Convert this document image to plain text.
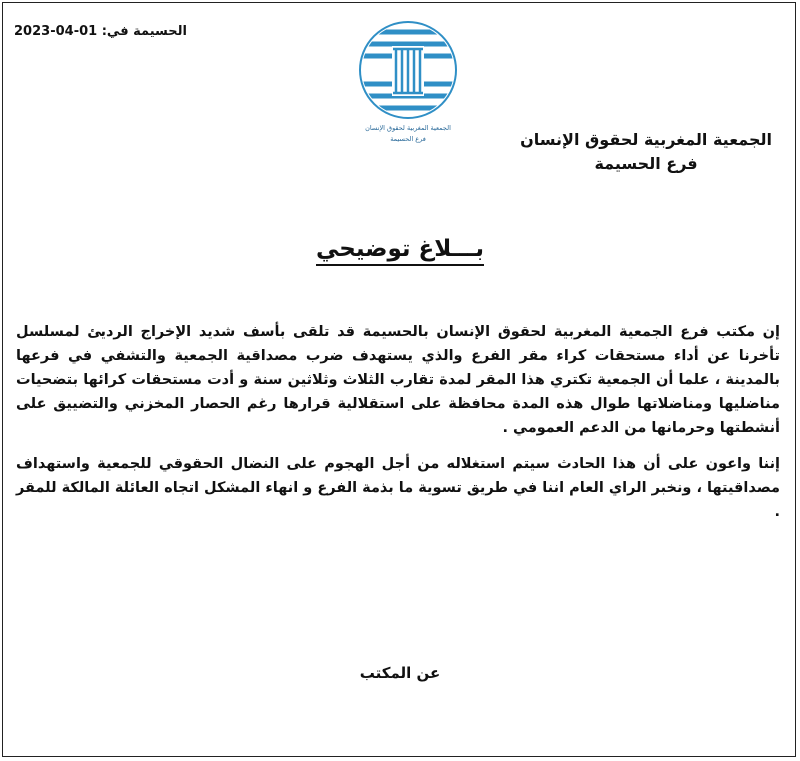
الحسيمة في: 01-04-2023
الجمعية المغربية لحقوق الإنسان
فرع الحسيمة	الجمعية المغربية لحقوق الإنسان
فرع الحسيمة
بـــلاغ توضيحي

إن مكتب فرع الجمعية المغربية لحقوق الإنسان بالحسيمة قد تلقى بأسف شديد الإخراج الرديئ لمسلسل تأخرنا عن أداء مستحقات كراء مقر الفرع والذي يستهدف ضرب مصداقية الجمعية والتشفي في فرعها بالمدينة ، علما أن الجمعية تكتري هذا المقر لمدة تقارب الثلاث وثلاثين سنة و أدت مستحقات كرائها بتضحيات مناضليها ومناضلاتها طوال هذه المدة محافظة على استقلالية قرارها رغم الحصار المخزني والتضييق على أنشطتها وحرمانها من الدعم العمومي .

إننا واعون على أن هذا الحادث سيتم استغلاله من أجل الهجوم على النضال الحقوقي للجمعية واستهداف مصداقيتها ، ونخبر الراي العام اننا في طريق تسوية ما بذمة الفرع و انهاء المشكل اتجاه العائلة المالكة للمقر .

عن المكتب
